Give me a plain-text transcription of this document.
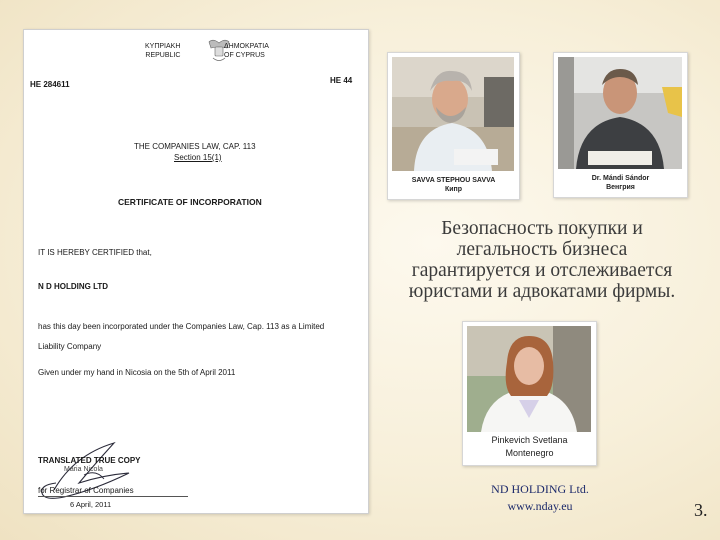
ΚΥΠΡΙΑΚΗ
REPUBLIC
ΔΗΜΟΚΡΑΤΙΑ
OF CYPRUS
HE 284611	HE 44
THE COMPANIES LAW, CAP. 113
Section 15(1)
CERTIFICATE OF INCORPORATION
IT IS HEREBY CERTIFIED that,
N D HOLDING LTD
has this day been incorporated under the Companies Law, Cap. 113 as a Limited
Liability Company
Given under my hand in Nicosia on the 5th of April 2011
TRANSLATED TRUE COPY
Maria Nicola
for Registrar of Companies
6 April, 2011
SAVVA STEPHOU SAVVA
Кипр
Dr. Mándi Sándor
Венгрия
Безопасность покупки и
легальность бизнеса
гарантируется и отслеживается
юристами и адвокатами фирмы.
Pinkevich Svetlana
Montenegro
ND HOLDING Ltd.
www.nday.eu	3.
